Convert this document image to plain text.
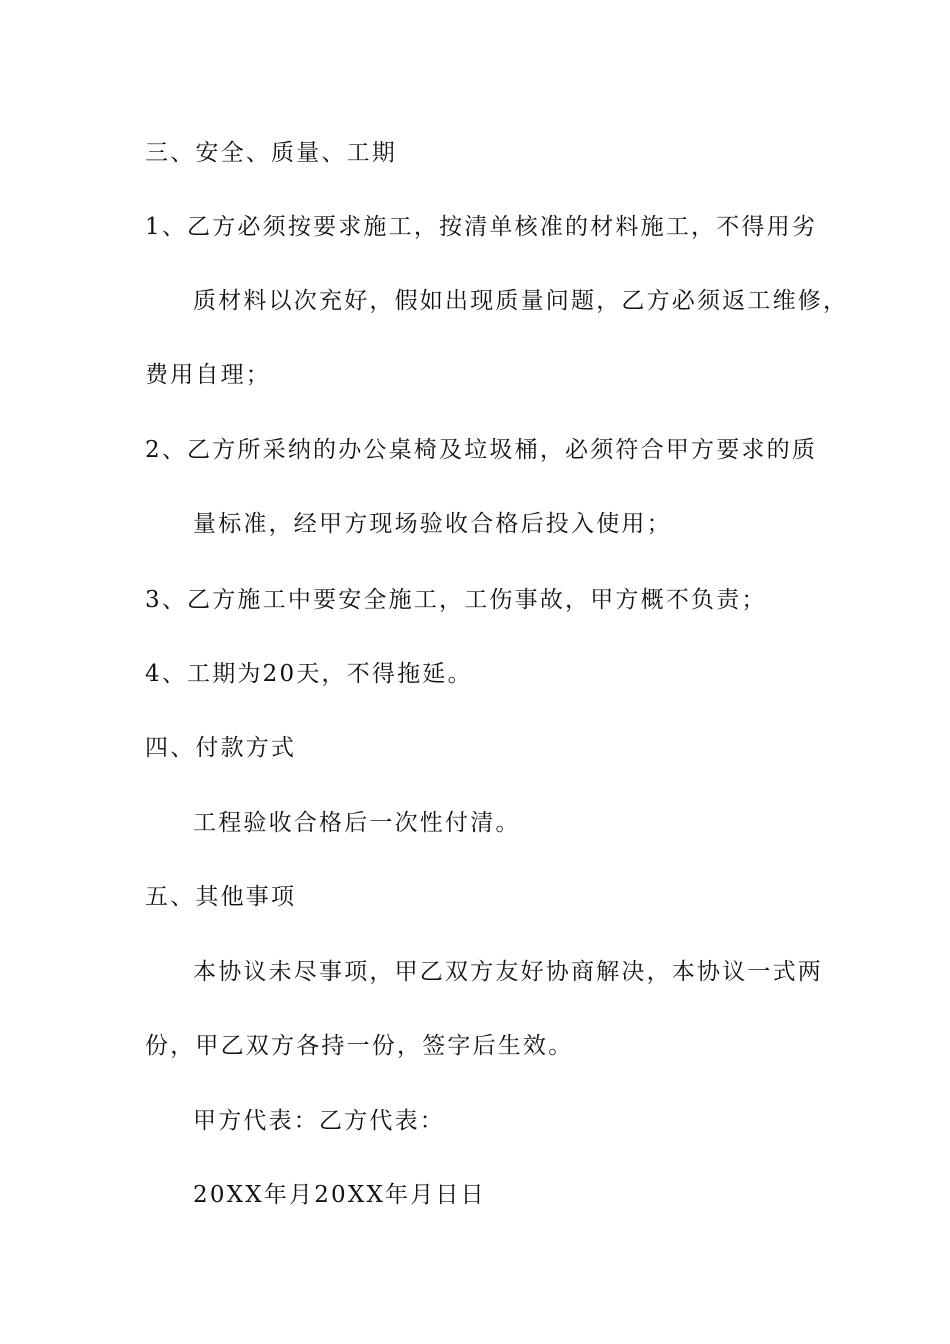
三、安全、质量、工期
1、乙方必须按要求施工，按清单核准的材料施工，不得用劣
质材料以次充好，假如出现质量问题，乙方必须返工维修，
费用自理；
2、乙方所采纳的办公桌椅及垃圾桶，必须符合甲方要求的质
量标准，经甲方现场验收合格后投入使用；
3、乙方施工中要安全施工，工伤事故，甲方概不负责；
4、工期为20天，不得拖延。
四、付款方式
工程验收合格后一次性付清。
五、其他事项
本协议未尽事项，甲乙双方友好协商解决，本协议一式两
份，甲乙双方各持一份，签字后生效。
甲方代表：乙方代表：
20XX年月20XX年月日日
